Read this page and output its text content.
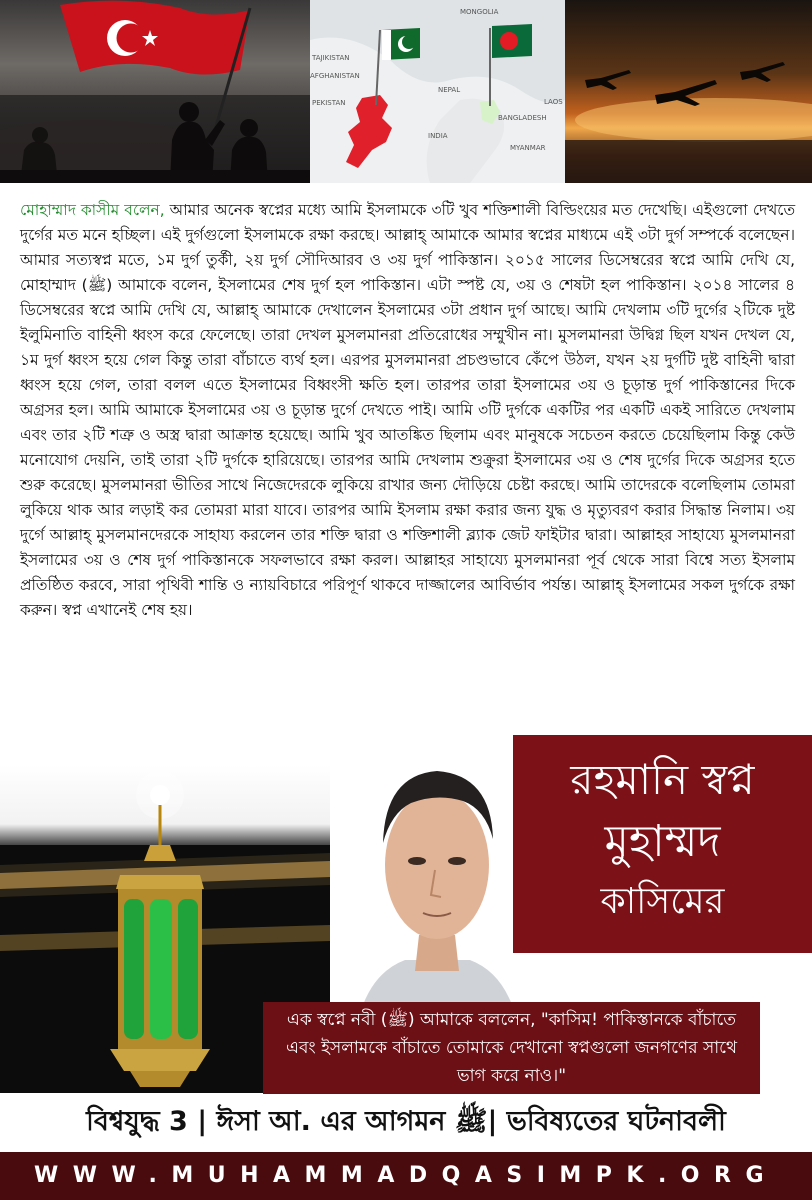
MONGOLIA
TAJIKISTAN
AFGHANISTAN
NEPAL
INDIA
BANGLADESH
MYANMAR
LAOS
PEKISTAN
মোহাম্মাদ কাসীম বলেন, আমার অনেক স্বপ্নের মধ্যে আমি ইসলামকে ৩টি খুব শক্তিশালী বিল্ডিংয়ের মত দেখেছি। এইগুলো দেখতে দুর্গের মত মনে হচ্ছিল। এই দুর্গগুলো ইসলামকে রক্ষা করছে। আল্লাহ্ আমাকে আমার স্বপ্নের মাধ্যমে এই ৩টা দুর্গ সম্পর্কে বলেছেন। আমার সত্যস্বপ্ন মতে, ১ম দুর্গ তুর্কী, ২য় দুর্গ সৌদিআরব ও ৩য় দুর্গ পাকিস্তান। ২০১৫ সালের ডিসেম্বরের স্বপ্নে আমি দেখি যে, মোহাম্মাদ (ﷺ) আমাকে বলেন, ইসলামের শেষ দুর্গ হল পাকিস্তান। এটা স্পষ্ট যে, ৩য় ও শেষটা হল পাকিস্তান। ২০১৪ সালের ৪ ডিসেম্বরের স্বপ্নে আমি দেখি যে, আল্লাহ্ আমাকে দেখালেন ইসলামের ৩টা প্রধান দুর্গ আছে। আমি দেখলাম ৩টি দুর্গের ২টিকে দুষ্ট ইলুমিনাতি বাহিনী ধ্বংস করে ফেলেছে। তারা দেখল মুসলমানরা প্রতিরোধের সম্মুখীন না। মুসলমানরা উদ্বিগ্ন ছিল যখন দেখল যে, ১ম দুর্গ ধ্বংস হয়ে গেল কিন্তু তারা বাঁচাতে ব্যর্থ হল। এরপর মুসলমানরা প্রচণ্ডভাবে কেঁপে উঠল, যখন ২য় দুর্গটি দুষ্ট বাহিনী দ্বারা ধ্বংস হয়ে গেল, তারা বলল এতে ইসলামের বিধ্বংসী ক্ষতি হল। তারপর তারা ইসলামের ৩য় ও চূড়ান্ত দুর্গ পাকিস্তানের দিকে অগ্রসর হল। আমি আমাকে ইসলামের ৩য় ও চূড়ান্ত দুর্গে দেখতে পাই। আমি ৩টি দুর্গকে একটির পর একটি একই সারিতে দেখলাম এবং তার ২টি শত্রু ও অস্ত্র দ্বারা আক্রান্ত হয়েছে। আমি খুব আতঙ্কিত ছিলাম এবং মানুষকে সচেতন করতে চেয়েছিলাম কিন্তু কেউ মনোযোগ দেয়নি, তাই তারা ২টি দুর্গকে হারিয়েছে। তারপর আমি দেখলাম শুক্রুরা ইসলামের ৩য় ও শেষ দুর্গের দিকে অগ্রসর হতে শুরু করেছে। মুসলমানরা ভীতির সাথে নিজেদেরকে লুকিয়ে রাখার জন্য দৌড়িয়ে চেষ্টা করছে। আমি তাদেরকে বলেছিলাম তোমরা লুকিয়ে থাক আর লড়াই কর তোমরা মারা যাবে। তারপর আমি ইসলাম রক্ষা করার জন্য যুদ্ধ ও মৃত্যুবরণ করার সিদ্ধান্ত নিলাম। ৩য় দুর্গে আল্লাহ্ মুসলমানদেরকে সাহায্য করলেন তার শক্তি দ্বারা ও শক্তিশালী ব্ল্যাক জেট ফাইটার দ্বারা। আল্লাহর সাহায্যে মুসলমানরা ইসলামের ৩য় ও শেষ দুর্গ পাকিস্তানকে সফলভাবে রক্ষা করল। আল্লাহর সাহায্যে মুসলমানরা পূর্ব থেকে সারা বিশ্বে সত্য ইসলাম প্রতিষ্ঠিত করবে, সারা পৃথিবী শান্তি ও ন্যায়বিচারে পরিপূর্ণ থাকবে দাজ্জালের আবির্ভাব পর্যন্ত। আল্লাহ্ ইসলামের সকল দুর্গকে রক্ষা করুন। স্বপ্ন এখানেই শেষ হয়।
রহমানি স্বপ্ন
মুহাম্মদ
কাসিমের
এক স্বপ্নে নবী (ﷺ) আমাকে বললেন, "কাসিম! পাকিস্তানকে বাঁচাতে এবং ইসলামকে বাঁচাতে তোমাকে দেখানো স্বপ্নগুলো জনগণের সাথে ভাগ করে নাও।"
বিশ্বযুদ্ধ 3 | ঈসা আ. এর আগমন ﷺ| ভবিষ্যতের ঘটনাবলী
WWW.MUHAMMADQASIMPK.ORG
